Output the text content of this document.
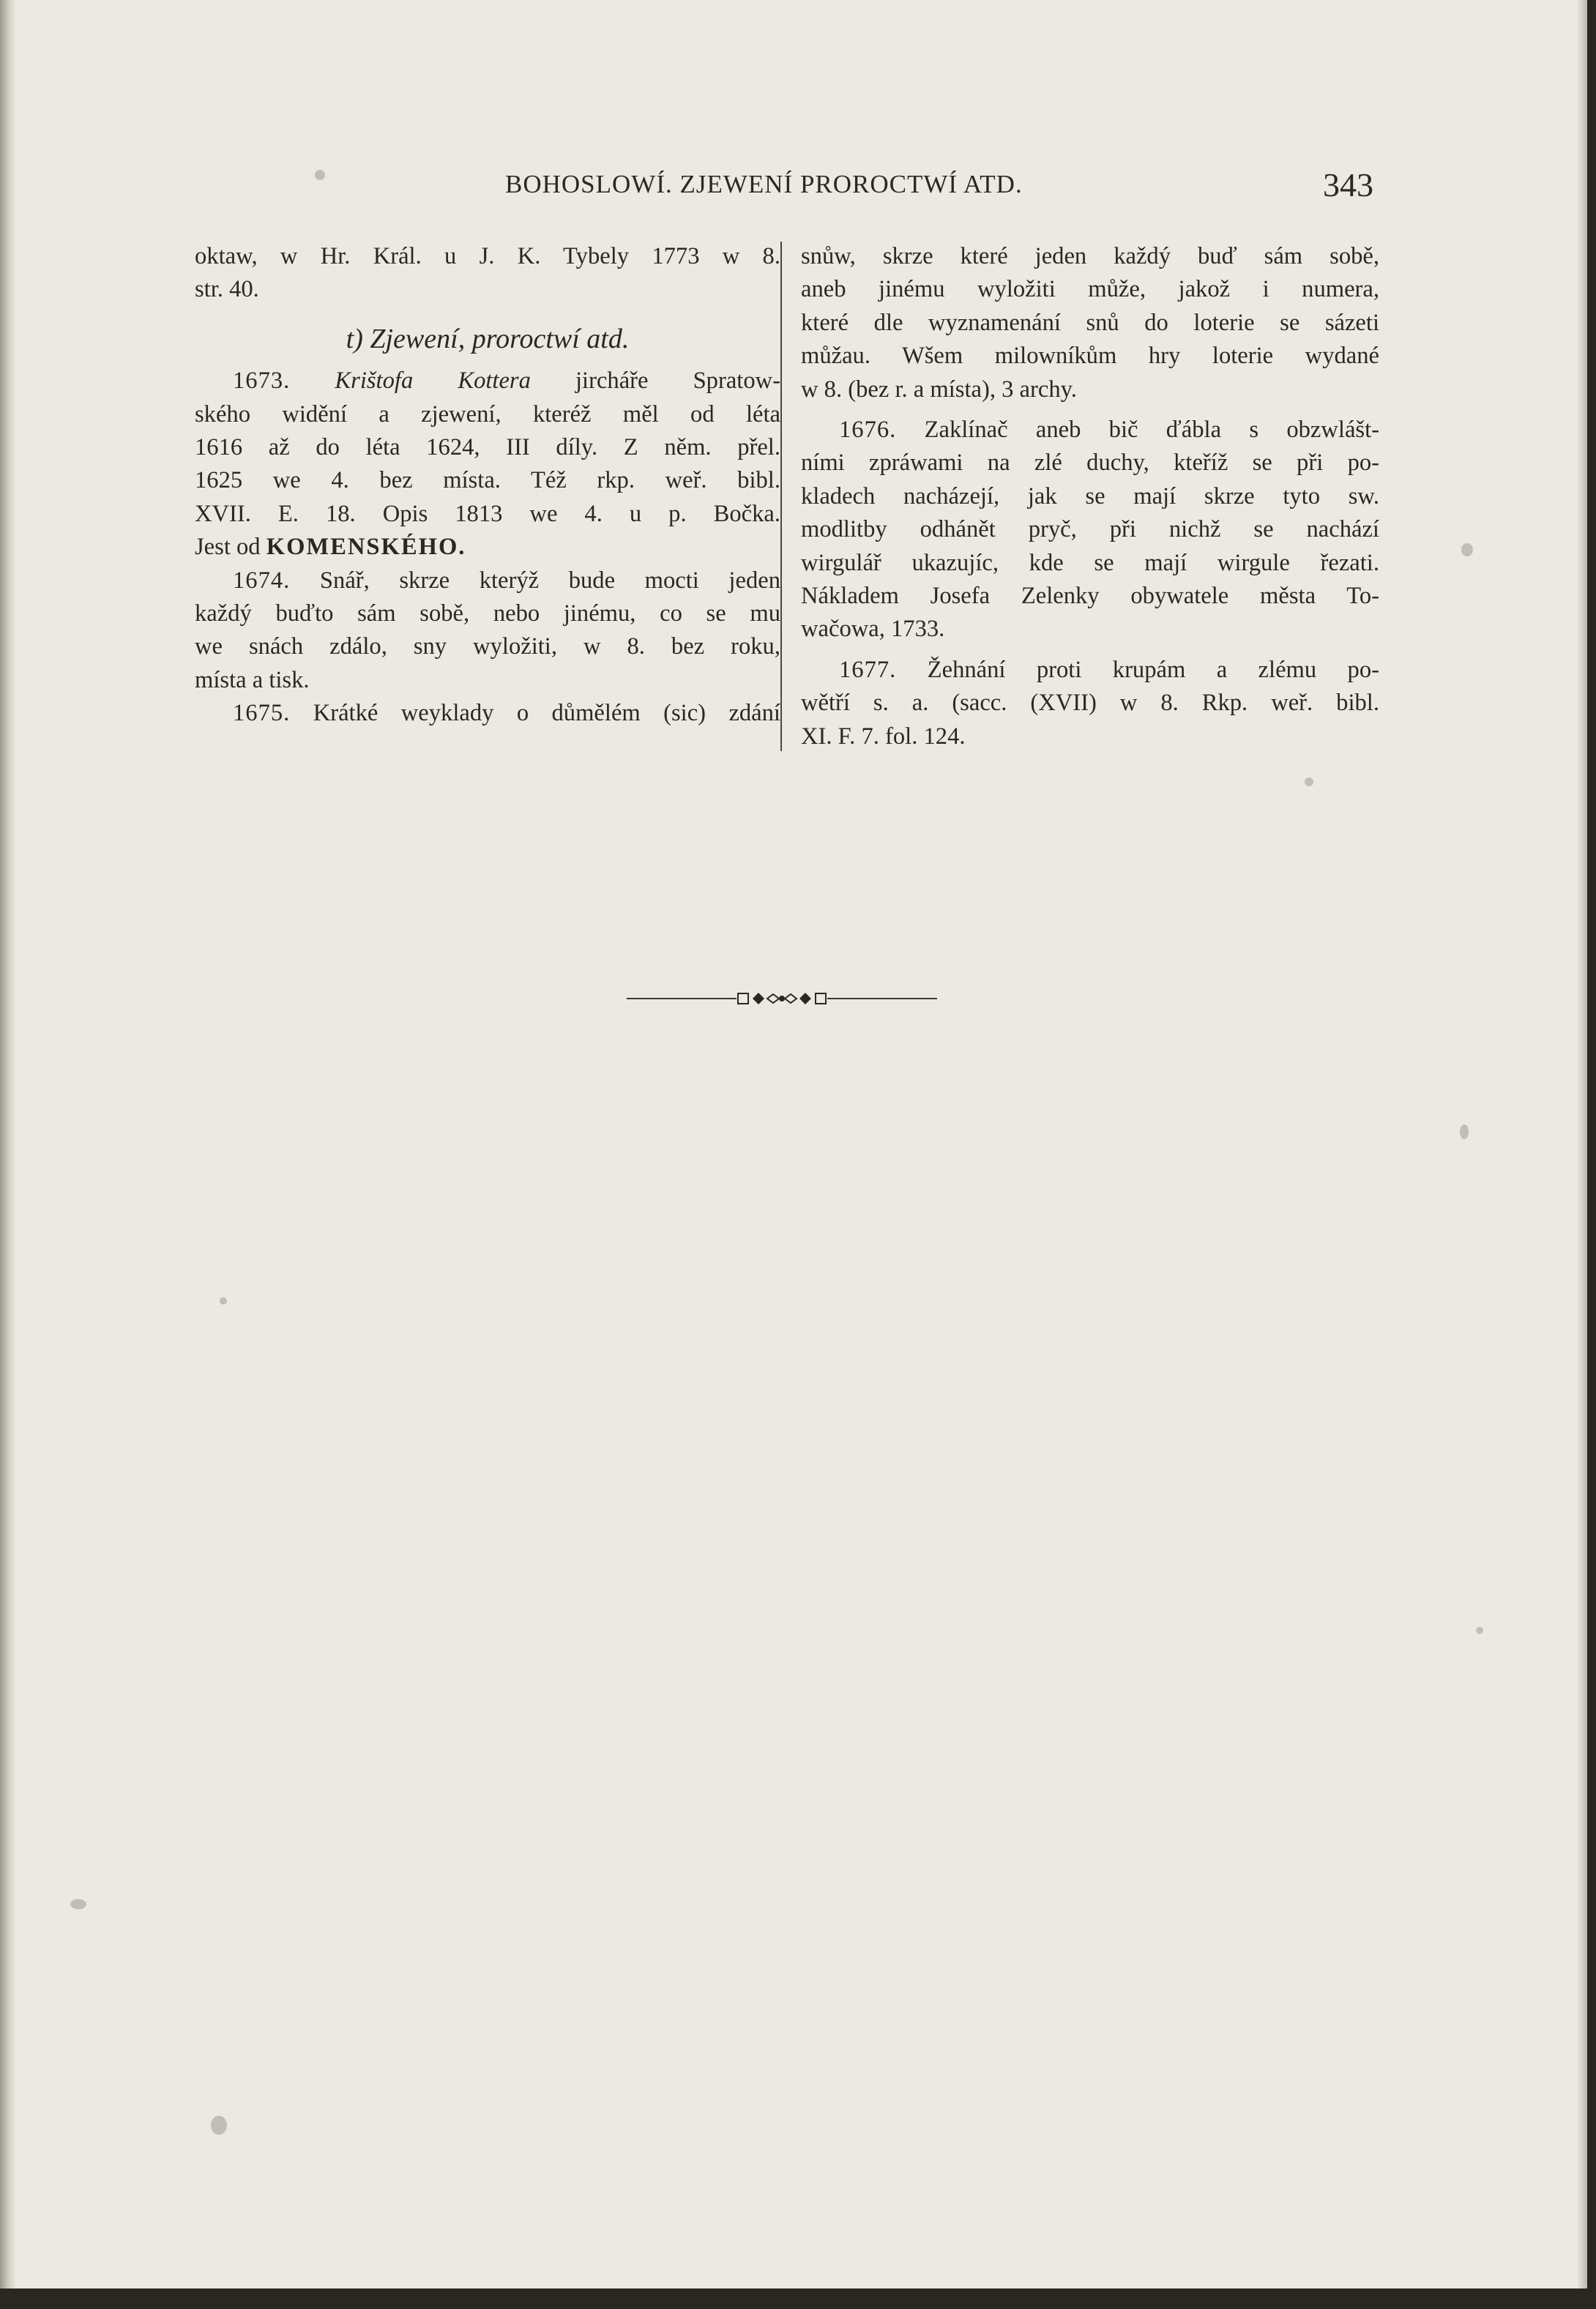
BOHOSLOWÍ. ZJEWENÍ PROROCTWÍ ATD.	343
oktaw, w Hr. Král. u J. K. Tybely 1773 w 8.
str. 40.
t) Zjewení, proroctwí atd.
1673. Krištofa Kottera jircháře Spratow-
ského widění a zjewení, kteréž měl od léta
1616 až do léta 1624, III díly. Z něm. přel.
1625 we 4. bez místa. Též rkp. weř. bibl.
XVII. E. 18. Opis 1813 we 4. u p. Bočka.
Jest od KOMENSKÉHO.
1674. Snář, skrze kterýž bude mocti jeden
každý buďto sám sobě, nebo jinému, co se mu
we snách zdálo, sny wyložiti, w 8. bez roku,
místa a tisk.
1675. Krátké weyklady o důmělém (sic) zdání
snůw, skrze které jeden každý buď sám sobě,
aneb jinému wyložiti může, jakož i numera,
které dle wyznamenání snů do loterie se sázeti
můžau. Wšem milowníkům hry loterie wydané
w 8. (bez r. a místa), 3 archy.
1676. Zaklínač aneb bič ďábla s obzwlášt-
ními zpráwami na zlé duchy, kteříž se při po-
kladech nacházejí, jak se mají skrze tyto sw.
modlitby odhánět pryč, při nichž se nachází
wirgulář ukazujíc, kde se mají wirgule řezati.
Nákladem Josefa Zelenky obywatele města To-
wačowa, 1733.
1677. Žehnání proti krupám a zlému po-
wětří s. a. (sacc. (XVII) w 8. Rkp. weř. bibl.
XI. F. 7. fol. 124.
